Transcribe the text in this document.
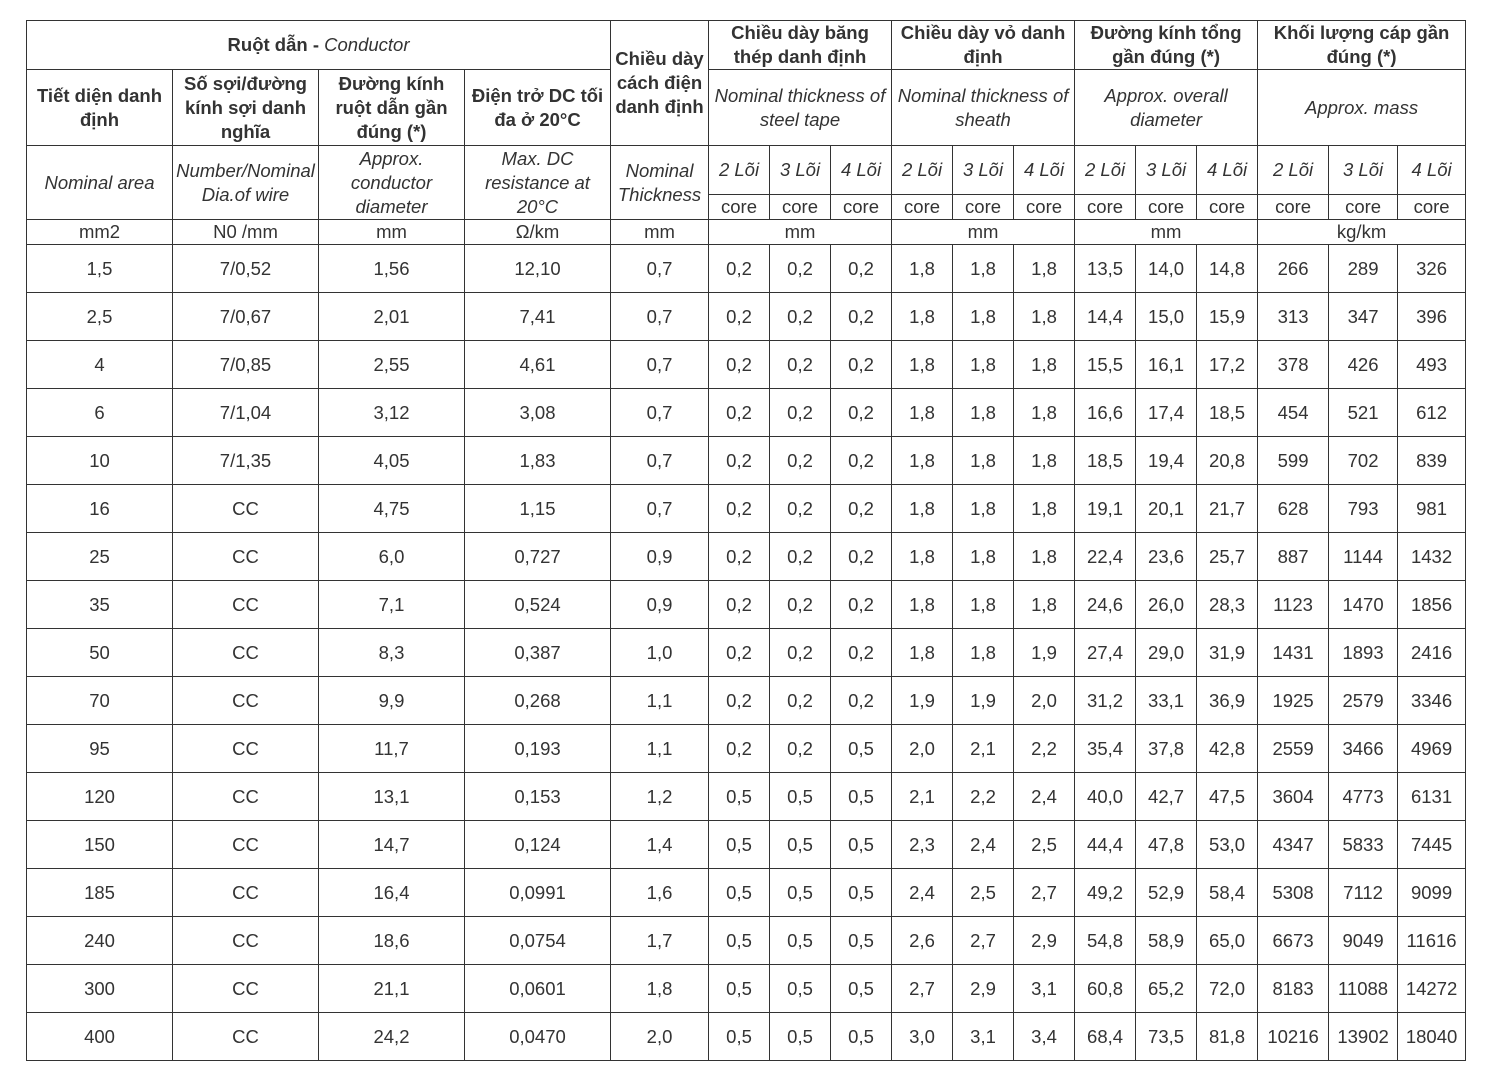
Ruột dẫn - Conductor				Chiều dày cách điện danh định	Chiều dày băng thép danh định			Chiều dày vỏ danh định			Đường kính tổng gần đúng (*)			Khối lượng cáp gần đúng (*)		
Tiết diện danh định	Số sợi/đường kính sợi danh nghĩa	Đường kính ruột dẫn gần đúng (*)	Điện trở DC tối đa ở 20°C		Nominal thickness of steel tape			Nominal thickness of sheath			Approx. overall diameter			Approx. mass		
Nominal area	Number/Nominal Dia.of wire	Approx. conductor diameter	Max. DC resistance at 20°C	Nominal Thickness	2 Lõi	3 Lõi	4 Lõi	2 Lõi	3 Lõi	4 Lõi	2 Lõi	3 Lõi	4 Lõi	2 Lõi	3 Lõi	4 Lõi
					core	core	core	core	core	core	core	core	core	core	core	core
mm2	N0 /mm	mm	Ω/km	mm	mm			mm			mm			kg/km		
1,5	7/0,52	1,56	12,10	0,7	0,2	0,2	0,2	1,8	1,8	1,8	13,5	14,0	14,8	266	289	326
2,5	7/0,67	2,01	7,41	0,7	0,2	0,2	0,2	1,8	1,8	1,8	14,4	15,0	15,9	313	347	396
4	7/0,85	2,55	4,61	0,7	0,2	0,2	0,2	1,8	1,8	1,8	15,5	16,1	17,2	378	426	493
6	7/1,04	3,12	3,08	0,7	0,2	0,2	0,2	1,8	1,8	1,8	16,6	17,4	18,5	454	521	612
10	7/1,35	4,05	1,83	0,7	0,2	0,2	0,2	1,8	1,8	1,8	18,5	19,4	20,8	599	702	839
16	CC	4,75	1,15	0,7	0,2	0,2	0,2	1,8	1,8	1,8	19,1	20,1	21,7	628	793	981
25	CC	6,0	0,727	0,9	0,2	0,2	0,2	1,8	1,8	1,8	22,4	23,6	25,7	887	1144	1432
35	CC	7,1	0,524	0,9	0,2	0,2	0,2	1,8	1,8	1,8	24,6	26,0	28,3	1123	1470	1856
50	CC	8,3	0,387	1,0	0,2	0,2	0,2	1,8	1,8	1,9	27,4	29,0	31,9	1431	1893	2416
70	CC	9,9	0,268	1,1	0,2	0,2	0,2	1,9	1,9	2,0	31,2	33,1	36,9	1925	2579	3346
95	CC	11,7	0,193	1,1	0,2	0,2	0,5	2,0	2,1	2,2	35,4	37,8	42,8	2559	3466	4969
120	CC	13,1	0,153	1,2	0,5	0,5	0,5	2,1	2,2	2,4	40,0	42,7	47,5	3604	4773	6131
150	CC	14,7	0,124	1,4	0,5	0,5	0,5	2,3	2,4	2,5	44,4	47,8	53,0	4347	5833	7445
185	CC	16,4	0,0991	1,6	0,5	0,5	0,5	2,4	2,5	2,7	49,2	52,9	58,4	5308	7112	9099
240	CC	18,6	0,0754	1,7	0,5	0,5	0,5	2,6	2,7	2,9	54,8	58,9	65,0	6673	9049	11616
300	CC	21,1	0,0601	1,8	0,5	0,5	0,5	2,7	2,9	3,1	60,8	65,2	72,0	8183	11088	14272
400	CC	24,2	0,0470	2,0	0,5	0,5	0,5	3,0	3,1	3,4	68,4	73,5	81,8	10216	13902	18040
